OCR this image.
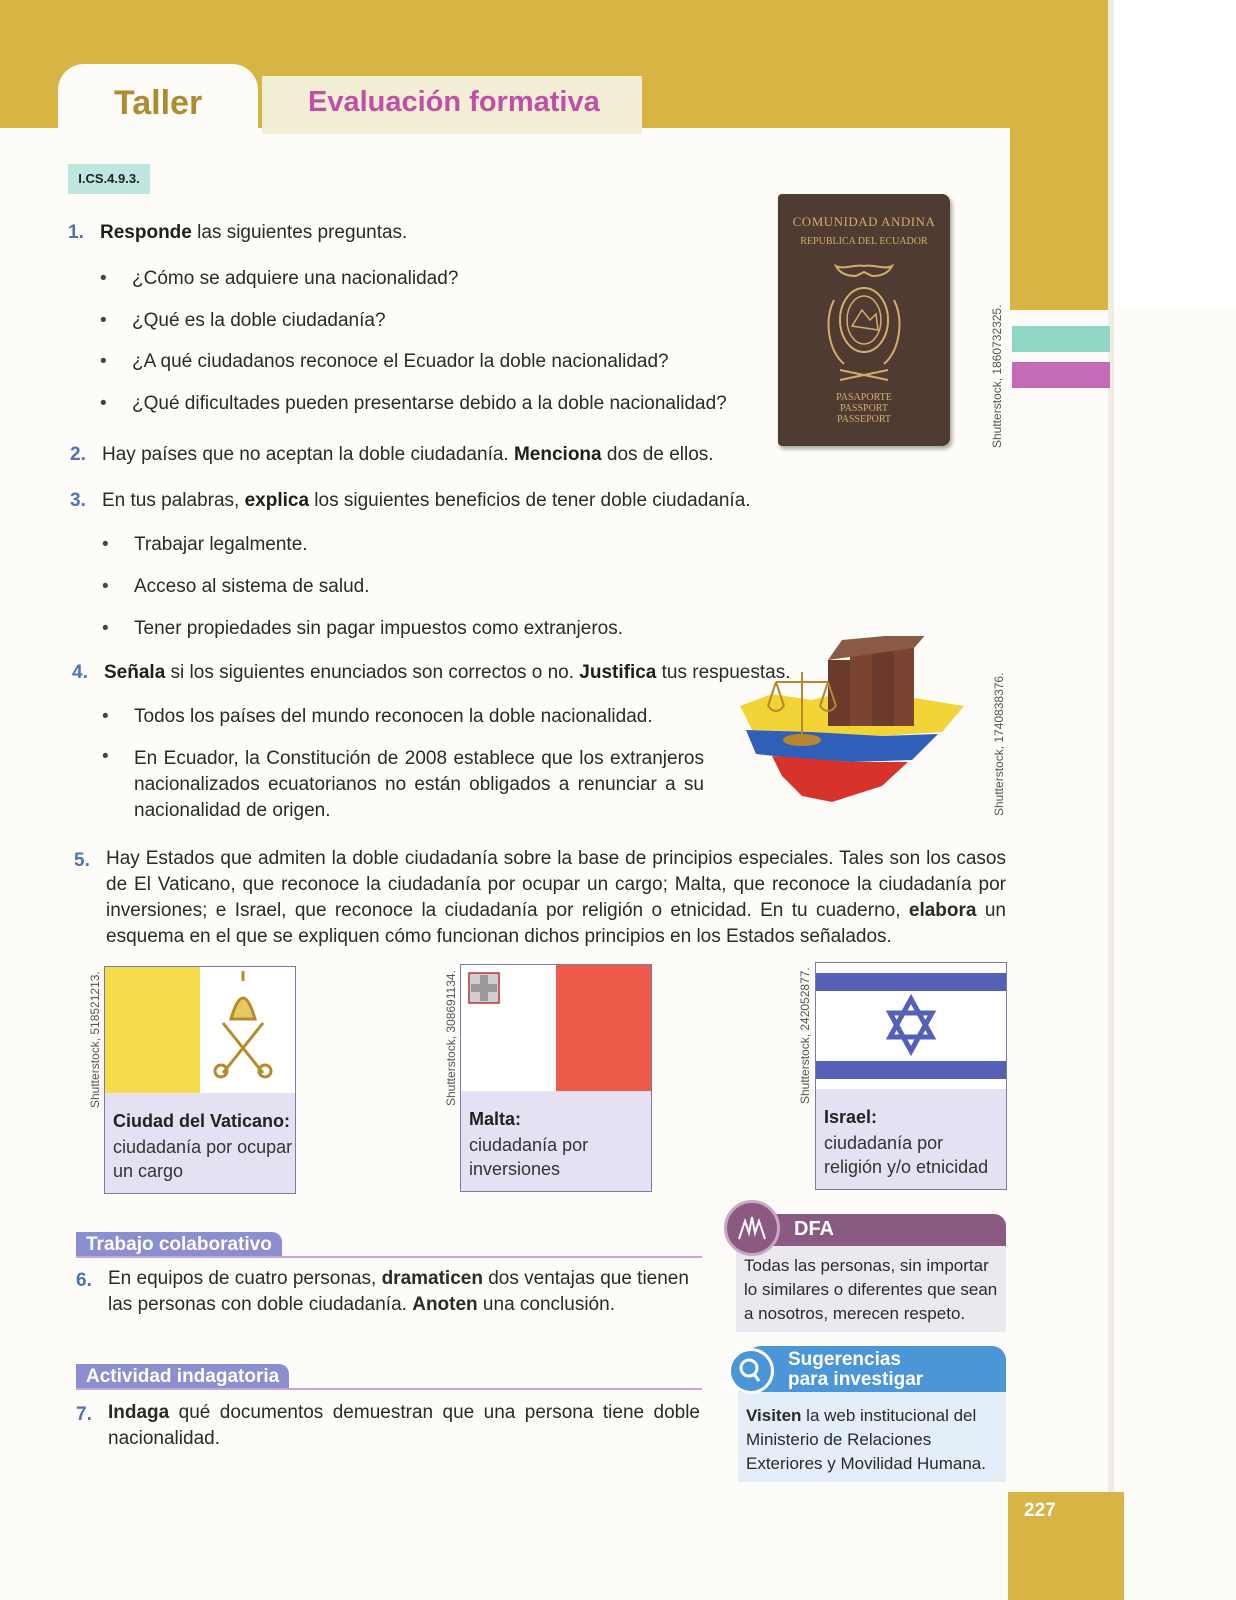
Taller	Evaluación formativa
I.CS.4.9.3.
1. Responde las siguientes preguntas.
• ¿Cómo se adquiere una nacionalidad?
• ¿Qué es la doble ciudadanía?
• ¿A qué ciudadanos reconoce el Ecuador la doble nacionalidad?
• ¿Qué dificultades pueden presentarse debido a la doble nacionalidad?
2. Hay países que no aceptan la doble ciudadanía. Menciona dos de ellos.
3. En tus palabras, explica los siguientes beneficios de tener doble ciudadanía.
• Trabajar legalmente.
• Acceso al sistema de salud.
• Tener propiedades sin pagar impuestos como extranjeros.
4. Señala si los siguientes enunciados son correctos o no. Justifica tus respuestas.
• Todos los países del mundo reconocen la doble nacionalidad.
En Ecuador, la Constitución de 2008 establece que los extranjeros nacionalizados ecuatorianos no están obligados a renunciar a su nacionalidad de origen.
•
5. Hay Estados que admiten la doble ciudadanía sobre la base de principios especiales. Tales son los casos de El Vaticano, que reconoce la ciudadanía por ocupar un cargo; Malta, que reconoce la ciudadanía por inversiones; e Israel, que reconoce la ciudadanía por religión o etnicidad. En tu cuaderno, elabora un esquema en el que se expliquen cómo funcionan dichos principios en los Estados señalados.
COMUNIDAD ANDINA
REPUBLICA DEL ECUADOR
PASAPORTE
PASSPORT
PASSEPORT	Shutterstock, 1860732325.
Shutterstock, 1740838376.
Ciudad del Vaticano:
ciudadanía por ocupar un cargo
Shutterstock, 518521213.
Malta:
ciudadanía por inversiones
Shutterstock, 308691134.
Israel:
ciudadanía por religión y/o etnicidad
Shutterstock, 242052877.
Trabajo colaborativo
6. En equipos de cuatro personas, dramaticen dos ventajas que tienen las personas con doble ciudadanía. Anoten una conclusión.
Actividad indagatoria
7. Indaga qué documentos demuestran que una persona tiene doble nacionalidad.
Todas las personas, sin importar lo similares o diferentes que sean a nosotros, merecen respeto.
DFA
Visiten la web institucional del Ministerio de Relaciones Exteriores y Movilidad Humana.
Sugerencias
para investigar
227
